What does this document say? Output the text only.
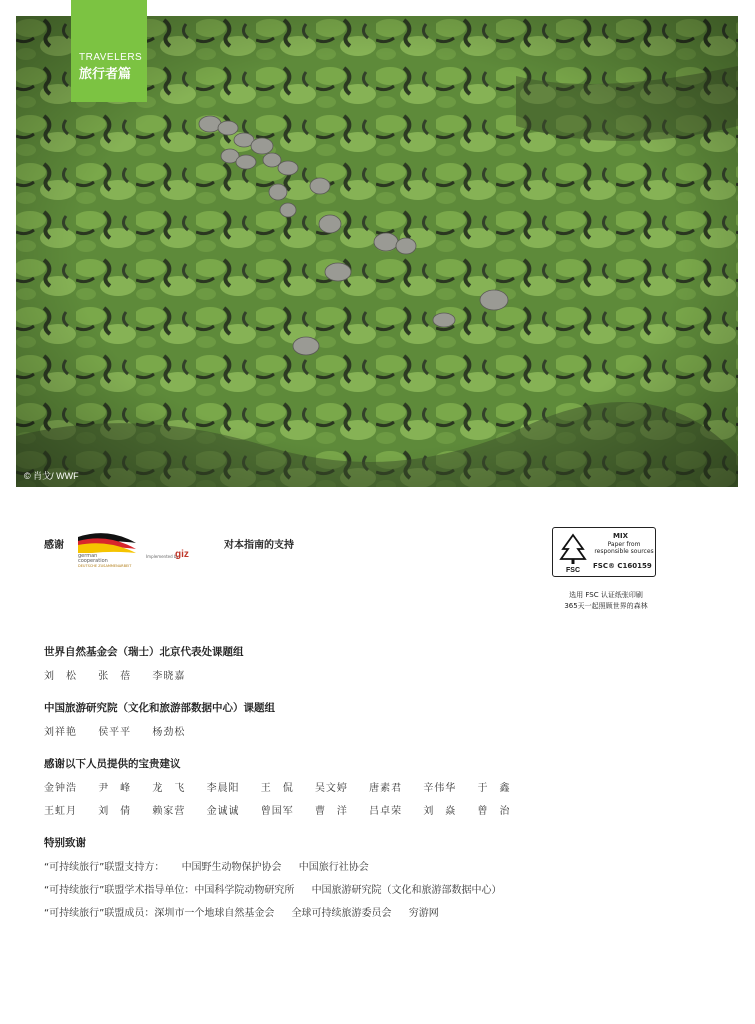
TRAVELERS
旅行者篇
© 肖戈/ WWF
感谢
german
cooperation
DEUTSCHE ZUSAMMENARBEIT
Implemented by
giz
对本指南的支持
FSC
MIX
Paper from responsible sources
FSC® C160159
选用 FSC 认证纸张印刷
365天一起照顾世界的森林
世界自然基金会（瑞士）北京代表处课题组
刘　松 张　蓓 李晓嘉
中国旅游研究院（文化和旅游部数据中心）课题组
刘祥艳 侯平平 杨劲松
感谢以下人员提供的宝贵建议
金钟浩 尹　峰 龙　飞 李晨阳 王　侃 吴文婷 唐素君 辛伟华 于　鑫
王虹月 刘　倩 赖家营 金诚诚 曾国军 曹　洋 吕卓荣 刘　焱 曾　治
特别致谢
“可持续旅行”联盟支持方： 中国野生动物保护协会 中国旅行社协会
“可持续旅行”联盟学术指导单位：中国科学院动物研究所 中国旅游研究院（文化和旅游部数据中心）
“可持续旅行”联盟成员：深圳市一个地球自然基金会 全球可持续旅游委员会 穷游网
